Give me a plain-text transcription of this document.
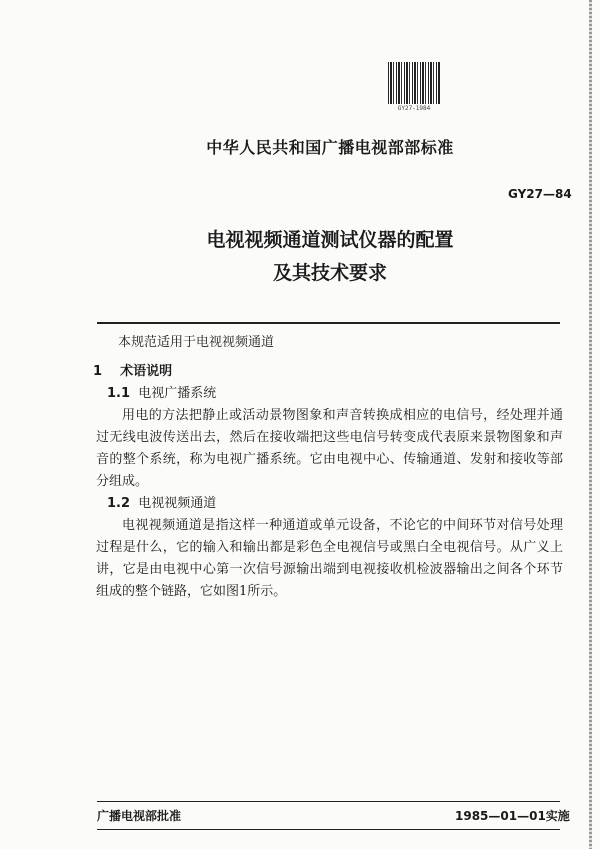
GY27-1984
中华人民共和国广播电视部部标准
GY27—84
电视视频通道测试仪器的配置
及其技术要求

本规范适用于电视视频通道

1 术语说明

1.1 电视广播系统

用电的方法把静止或活动景物图象和声音转换成相应的电信号，经处理并通过无线电波传送出去，然后在接收端把这些电信号转变成代表原来景物图象和声音的整个系统，称为电视广播系统。它由电视中心、传输通道、发射和接收等部分组成。

1.2 电视视频通道

电视视频通道是指这样一种通道或单元设备，不论它的中间环节对信号处理过程是什么，它的输入和输出都是彩色全电视信号或黑白全电视信号。从广义上讲，它是由电视中心第一次信号源输出端到电视接收机检波器输出之间各个环节组成的整个链路，它如图1所示。

广播电视部批准	1985—01—01实施
